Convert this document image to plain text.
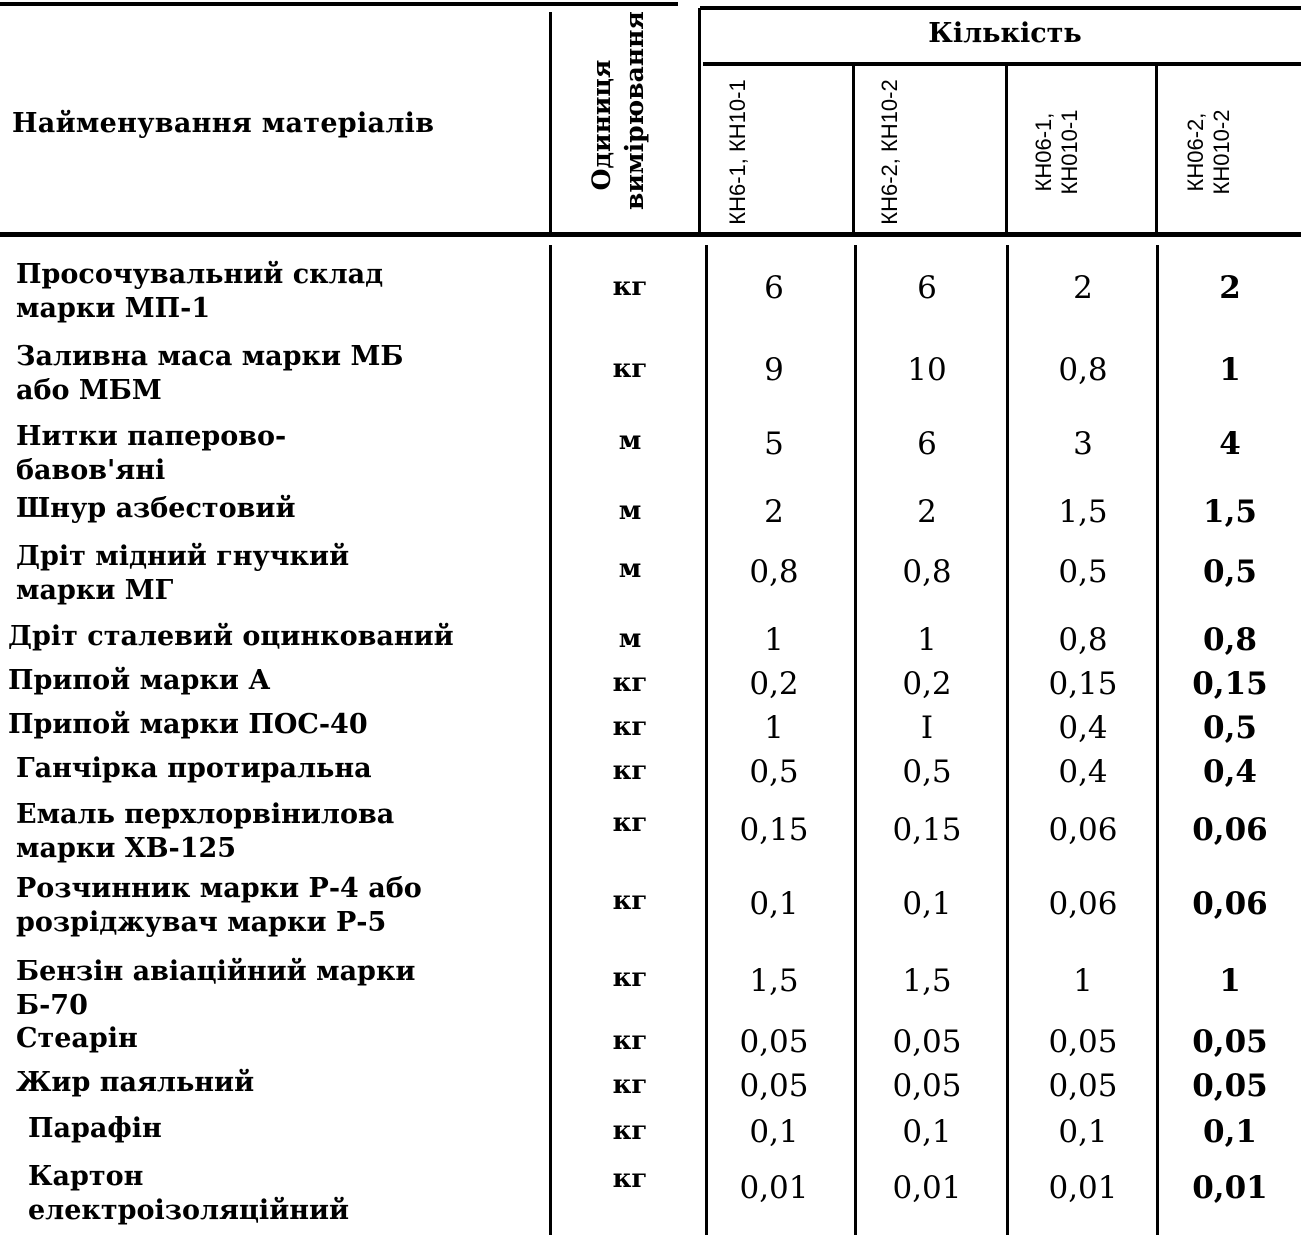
Найменування матеріалів	Одиниця вимірювання	Кількість
КН6-1, КН10-1	КН6-2, КН10-2	КН06-1, КН010-1	КН06-2, КН010-2
Просочувальний склад
марки МП-1
кг	6	6	2	2
Заливна маса марки МБ
або МБМ
кг	9	10	0,8	1
Нитки паперово-
бавов'яні
м	5	6	3	4
Шнур азбестовий	м	2	2	1,5	1,5
Дріт мідний гнучкий
марки МГ
м	0,8	0,8	0,5	0,5
Дріт сталевий оцинкований	м	1	1	0,8	0,8
Припой марки А	кг	0,2	0,2	0,15	0,15
Припой марки ПОС-40	кг	1	I	0,4	0,5
Ганчірка протиральна	кг	0,5	0,5	0,4	0,4
Емаль перхлорвінилова
марки ХВ-125
кг	0,15	0,15	0,06	0,06
Розчинник марки Р-4 або
розріджувач марки Р-5
кг	0,1	0,1	0,06	0,06
Бензін авіаційний марки
Б-70
кг	1,5	1,5	1	1
Стеарін	кг	0,05	0,05	0,05	0,05
Жир паяльний	кг	0,05	0,05	0,05	0,05
Парафін	кг	0,1	0,1	0,1	0,1
Картон
електроізоляційний
кг	0,01	0,01	0,01	0,01
